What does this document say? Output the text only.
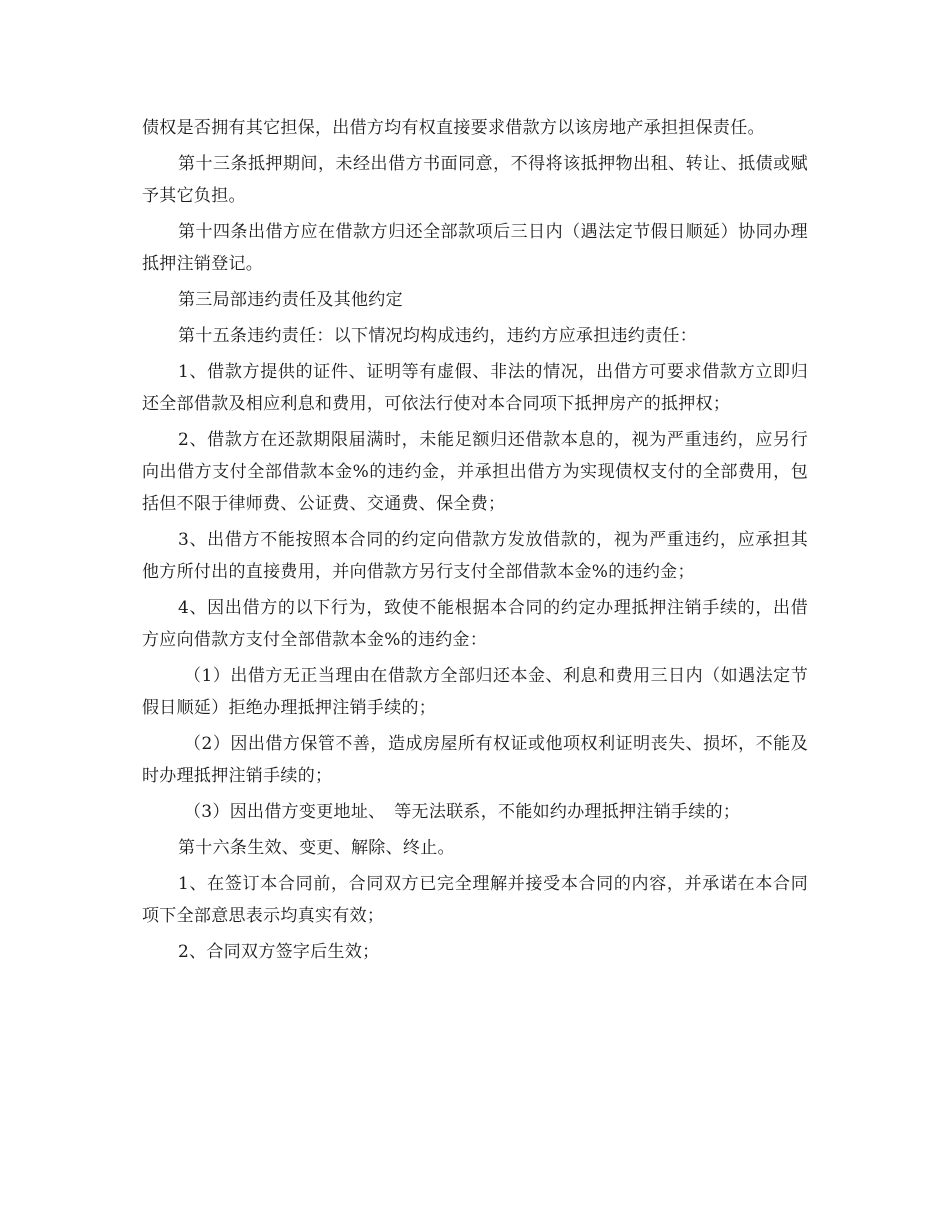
债权是否拥有其它担保，出借方均有权直接要求借款方以该房地产承担担保责任。

第十三条抵押期间，未经出借方书面同意，不得将该抵押物出租、转让、抵债或赋予其它负担。

第十四条出借方应在借款方归还全部款项后三日内（遇法定节假日顺延）协同办理抵押注销登记。

第三局部违约责任及其他约定

第十五条违约责任：以下情况均构成违约，违约方应承担违约责任：

1、借款方提供的证件、证明等有虚假、非法的情况，出借方可要求借款方立即归还全部借款及相应利息和费用，可依法行使对本合同项下抵押房产的抵押权；

2、借款方在还款期限届满时，未能足额归还借款本息的，视为严重违约，应另行向出借方支付全部借款本金%的违约金，并承担出借方为实现债权支付的全部费用，包括但不限于律师费、公证费、交通费、保全费；

3、出借方不能按照本合同的约定向借款方发放借款的，视为严重违约，应承担其他方所付出的直接费用，并向借款方另行支付全部借款本金%的违约金；

4、因出借方的以下行为，致使不能根据本合同的约定办理抵押注销手续的，出借方应向借款方支付全部借款本金%的违约金：

（1）出借方无正当理由在借款方全部归还本金、利息和费用三日内（如遇法定节假日顺延）拒绝办理抵押注销手续的；

（2）因出借方保管不善，造成房屋所有权证或他项权利证明丧失、损坏，不能及时办理抵押注销手续的；

（3）因出借方变更地址、　等无法联系，不能如约办理抵押注销手续的；

第十六条生效、变更、解除、终止。

1、在签订本合同前，合同双方已完全理解并接受本合同的内容，并承诺在本合同项下全部意思表示均真实有效；

2、合同双方签字后生效；
